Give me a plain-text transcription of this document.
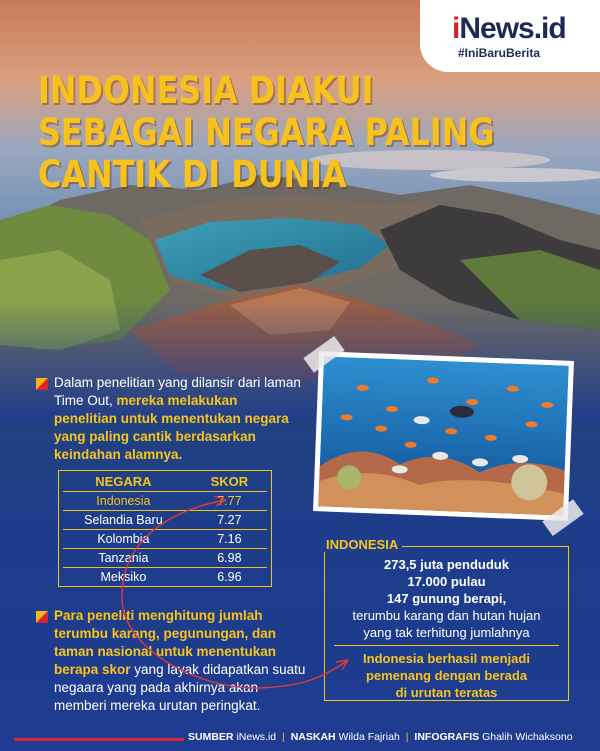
iNews.id
#IniBaruBerita
INDONESIA DIAKUI
SEBAGAI NEGARA PALING
CANTIK DI DUNIA
Dalam penelitian yang dilansir dari laman Time Out, mereka melakukan penelitian untuk menentukan negara yang paling cantik berdasarkan keindahan alamnya.
NEGARA	SKOR
Indonesia	7.77
Selandia Baru	7.27
Kolombia	7.16
Tanzania	6.98
Meksiko	6.96
Para peneliti menghitung jumlah terumbu karang, pegunungan, dan taman nasional untuk menentukan berapa skor yang layak didapatkan suatu negaara yang pada akhirnya akan memberi mereka urutan peringkat.
INDONESIA
273,5 juta penduduk
17.000 pulau
147 gunung berapi,
terumbu karang dan hutan hujan
yang tak terhitung jumlahnya
Indonesia berhasil menjadi
pemenang dengan berada
di urutan teratas
SUMBER iNews.id | NASKAH Wilda Fajriah | INFOGRAFIS Ghalih Wichaksono
